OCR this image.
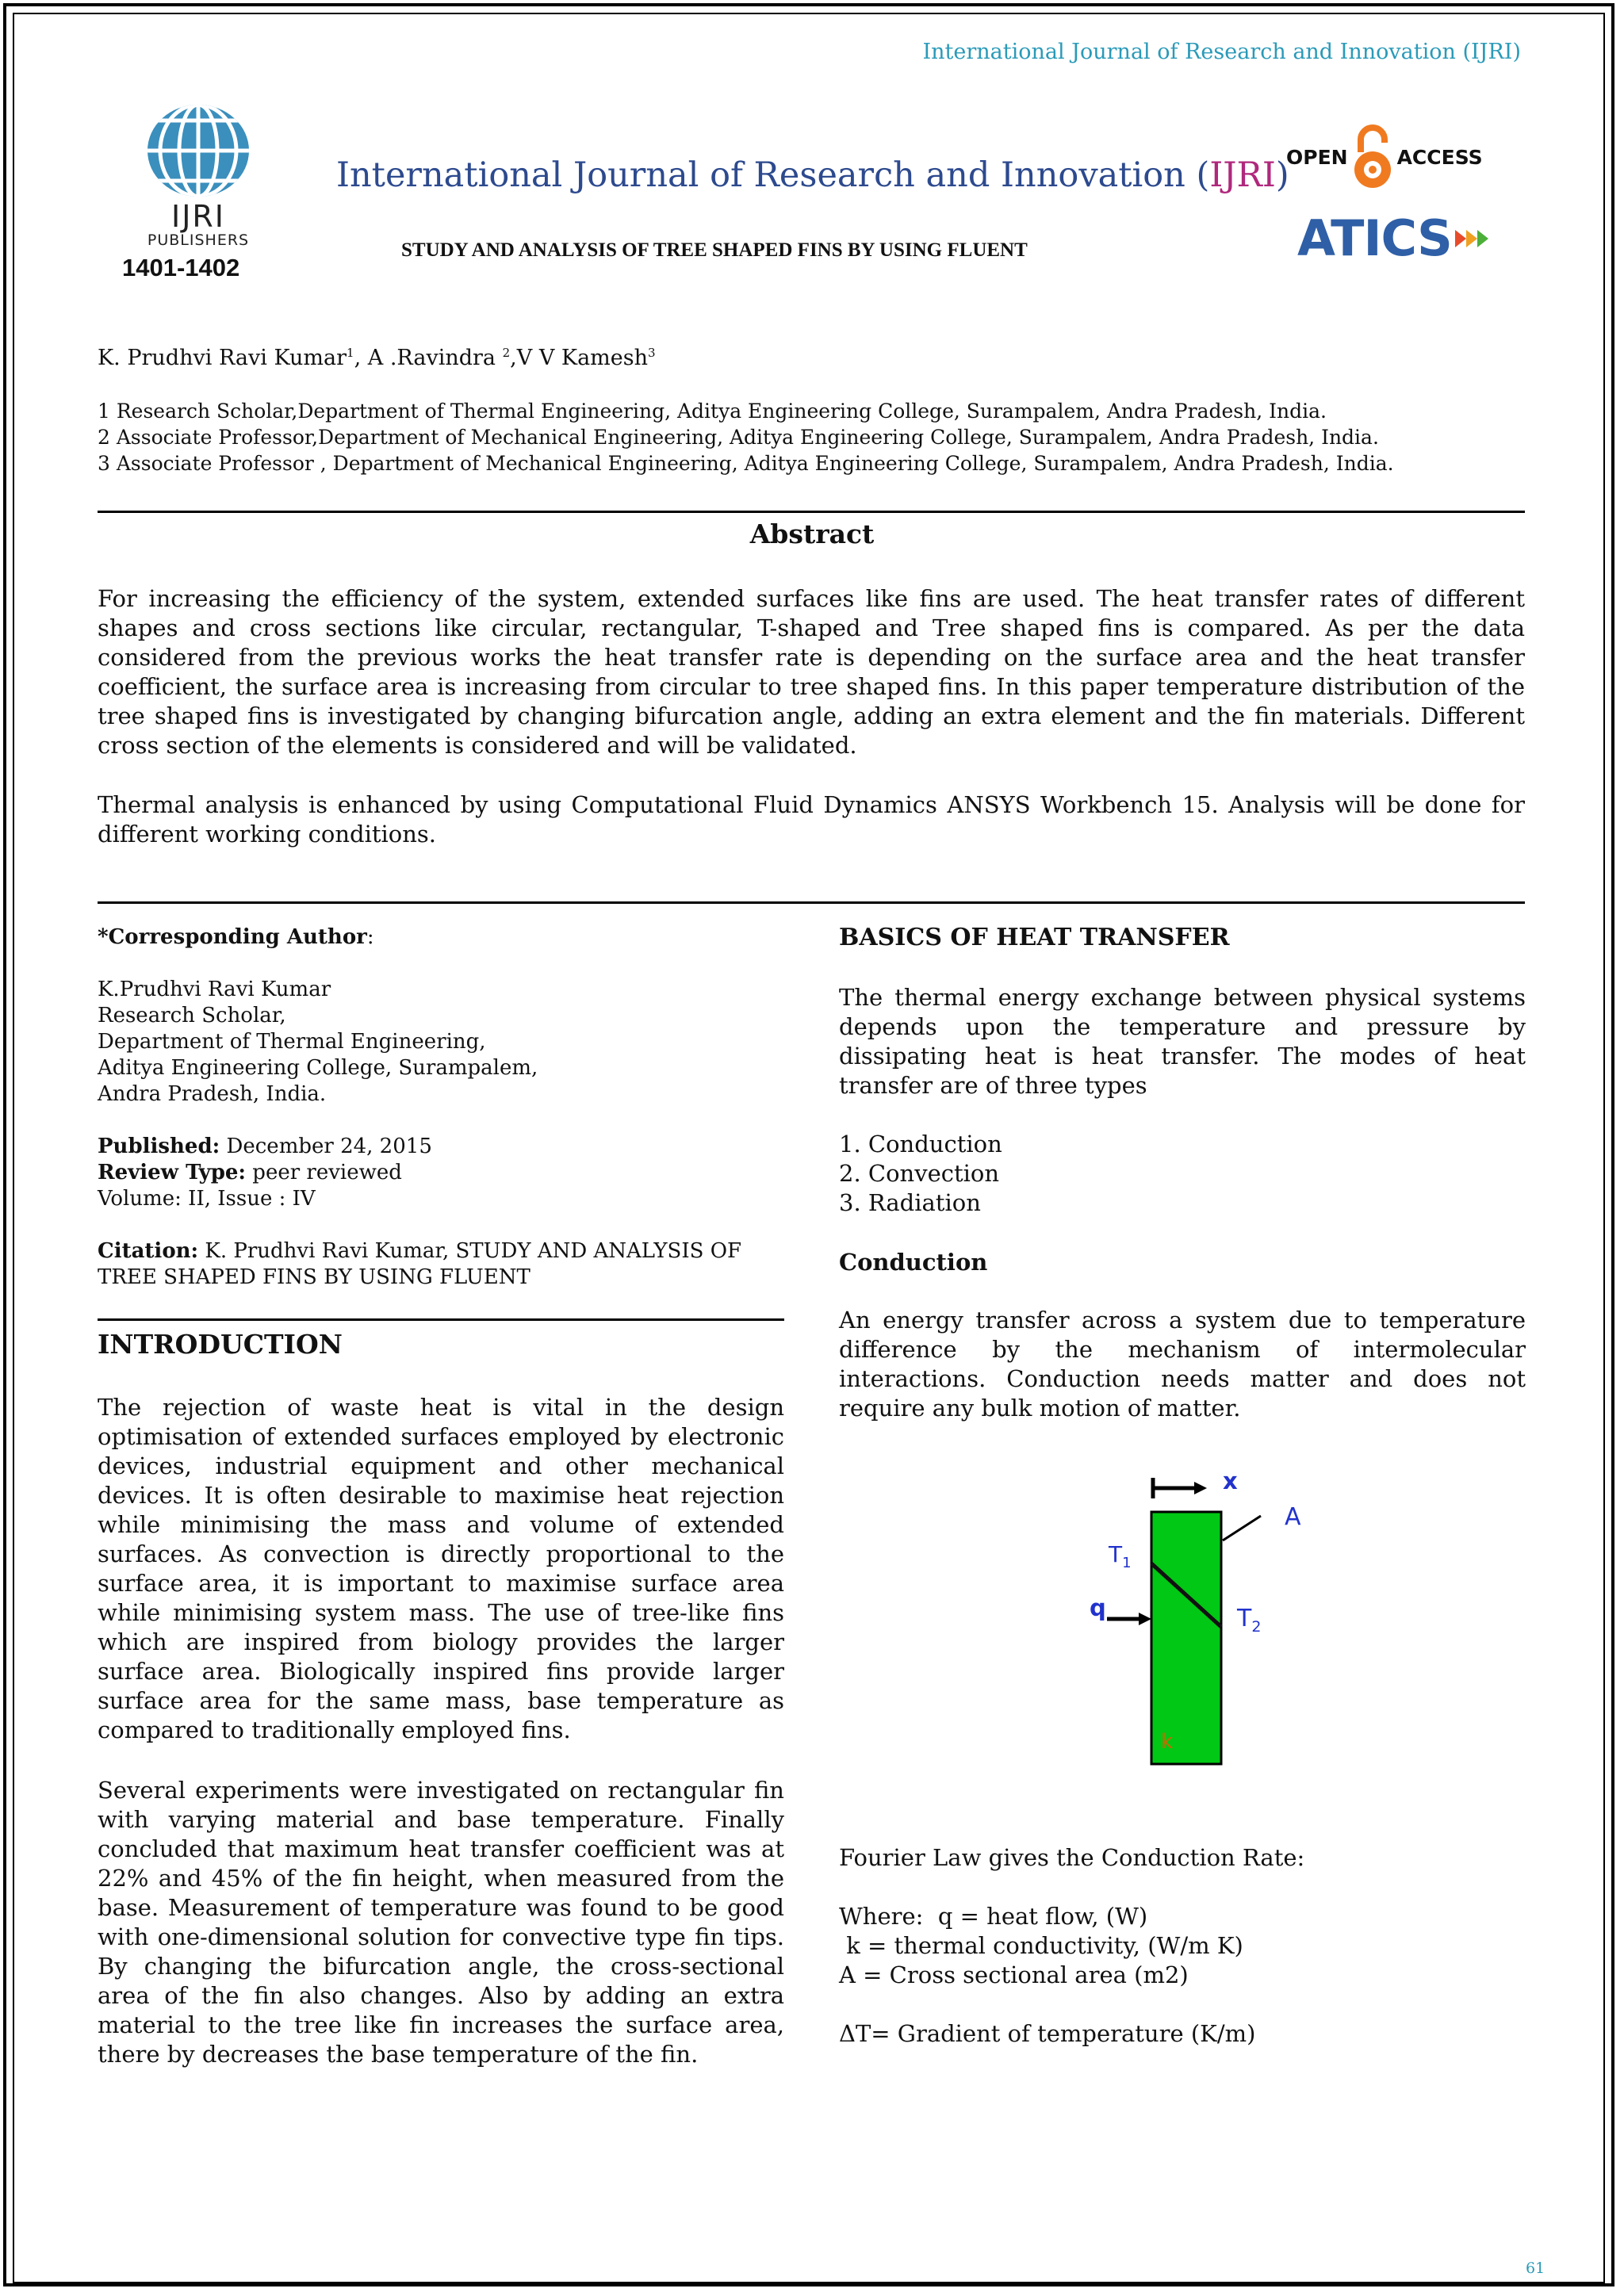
International Journal of Research and Innovation (IJRI)
IJRI
PUBLISHERS
1401-1402
International Journal of Research and Innovation (IJRI)
STUDY AND ANALYSIS OF TREE SHAPED FINS BY USING FLUENT
OPEN ACCESS
ATICS
K. Prudhvi Ravi Kumar$^1$, A .Ravindra $^2$,V V Kamesh$^3$
1 Research Scholar,Department of Thermal Engineering, Aditya Engineering College, Surampalem, Andra Pradesh, India.
2 Associate Professor,Department of Mechanical Engineering, Aditya Engineering College, Surampalem, Andra Pradesh, India.
3 Associate Professor , Department of Mechanical Engineering, Aditya Engineering College, Surampalem, Andra Pradesh, India.
Abstract

For increasing the efficiency of the system, extended surfaces like fins are used. The heat transfer rates of different shapes and cross sections like circular, rectangular, T-shaped and Tree shaped fins is compared. As per the data considered from the previous works the heat transfer rate is depending on the surface area and the heat transfer coefficient, the surface area is increasing from circular to tree shaped fins. In this paper temperature distribution of the tree shaped fins is investigated by changing bifurcation angle, adding an extra element and the fin materials. Different cross section of the elements is considered and will be validated.

Thermal analysis is enhanced by using Computational Fluid Dynamics ANSYS Workbench 15. Analysis will be done for different working conditions.

*Corresponding Author:
K.Prudhvi Ravi Kumar
Research Scholar,
Department of Thermal Engineering,
Aditya Engineering College, Surampalem,
Andra Pradesh, India.
Published: December 24, 2015
Review Type: peer reviewed
Volume: II, Issue : IV
Citation: K. Prudhvi Ravi Kumar, STUDY AND ANALYSIS OF
TREE SHAPED FINS BY USING FLUENT
INTRODUCTION

The rejection of waste heat is vital in the design optimisation of extended surfaces employed by electronic devices, industrial equipment and other mechanical devices. It is often desirable to maximise heat rejection while minimising the mass and volume of extended surfaces. As convection is directly proportional to the surface area, it is important to maximise surface area while minimising system mass. The use of tree-like fins which are inspired from biology provides the larger surface area. Biologically inspired fins provide larger surface area for the same mass, base temperature as compared to traditionally employed fins.

Several experiments were investigated on rectangular fin with varying material and base temperature. Finally concluded that maximum heat transfer coefficient was at 22% and 45% of the fin height, when measured from the base. Measurement of temperature was found to be good with one-dimensional solution for convective type fin tips. By changing the bifurcation angle, the cross-sectional area of the fin also changes. Also by adding an extra material to the tree like fin increases the surface area, there by decreases the base temperature of the fin.

BASICS OF HEAT TRANSFER

The thermal energy exchange between physical systems depends upon the temperature and pressure by dissipating heat is heat transfer. The modes of heat transfer are of three types

1. Conduction
2. Convection
3. Radiation
Conduction

An energy transfer across a system due to temperature difference by the mechanism of intermolecular interactions. Conduction needs matter and does not require any bulk motion of matter.

x
A
$T_1$
$T_2$
q
k
Fourier Law gives the Conduction Rate:
Where:  q = heat flow, (W)
k = thermal conductivity, (W/m K)
A = Cross sectional area (m2)
ΔT= Gradient of temperature (K/m)
61
